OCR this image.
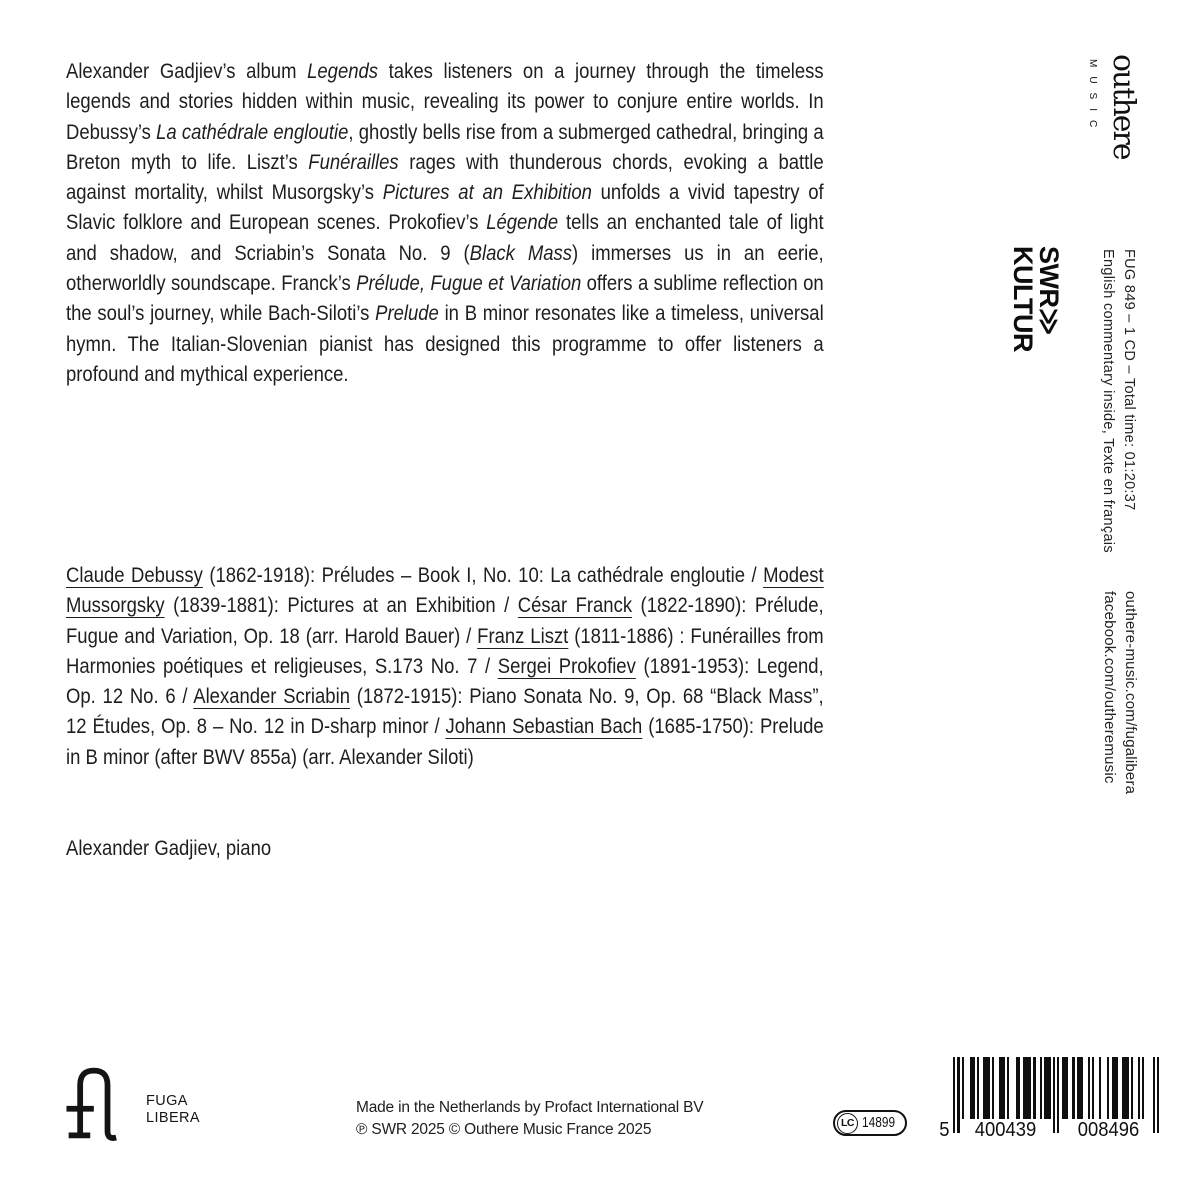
Alexander Gadjiev’s album Legends takes listeners on a journey through the timeless legends and stories hidden within music, revealing its power to conjure entire worlds. In Debussy’s La cathédrale engloutie, ghostly bells rise from a submerged cathedral, bringing a Breton myth to life. Liszt’s Funérailles rages with thunderous chords, evoking a battle against mortality, whilst Musorgsky’s Pictures at an Exhibition unfolds a vivid tapestry of Slavic folklore and European scenes. Prokofiev’s Légende tells an enchanted tale of light and shadow, and Scriabin’s Sonata No. 9 (Black Mass) immerses us in an eerie, otherworldly soundscape. Franck’s Prélude, Fugue et Variation offers a sublime reflection on the soul’s journey, while Bach-Siloti’s Prelude in B minor resonates like a timeless, universal hymn. The Italian-Slovenian pianist has designed this programme to offer listeners a profound and mythical experience.
Claude Debussy (1862-1918): Préludes – Book I, No. 10: La cathédrale engloutie / Modest Mussorgsky (1839-1881): Pictures at an Exhibition / César Franck (1822-1890): Prélude, Fugue and Variation, Op. 18 (arr. Harold Bauer) / Franz Liszt (1811-1886) : Funérailles from Harmonies poétiques et religieuses, S.173 No. 7 / Sergei Prokofiev (1891-1953): Legend, Op. 12 No. 6 / Alexander Scriabin (1872-1915): Piano Sonata No. 9, Op. 68 “Black Mass”, 12 Études, Op. 8 – No. 12 in D-sharp minor / Johann Sebastian Bach (1685-1750): Prelude in B minor (after BWV 855a) (arr. Alexander Siloti)
Alexander Gadjiev, piano
outhere
MUSIC
SWR≫
KULTUR	FUG 849 – 1 CD – Total time: 01:20:37
English commentary inside, Texte en français
outhere-music.com/fugalibera
facebook.com/outheremusic
FUGA
LIBERA
Made in the Netherlands by Profact International BV
℗ SWR 2025 © Outhere Music France 2025	LC 14899 5	400439	008496
